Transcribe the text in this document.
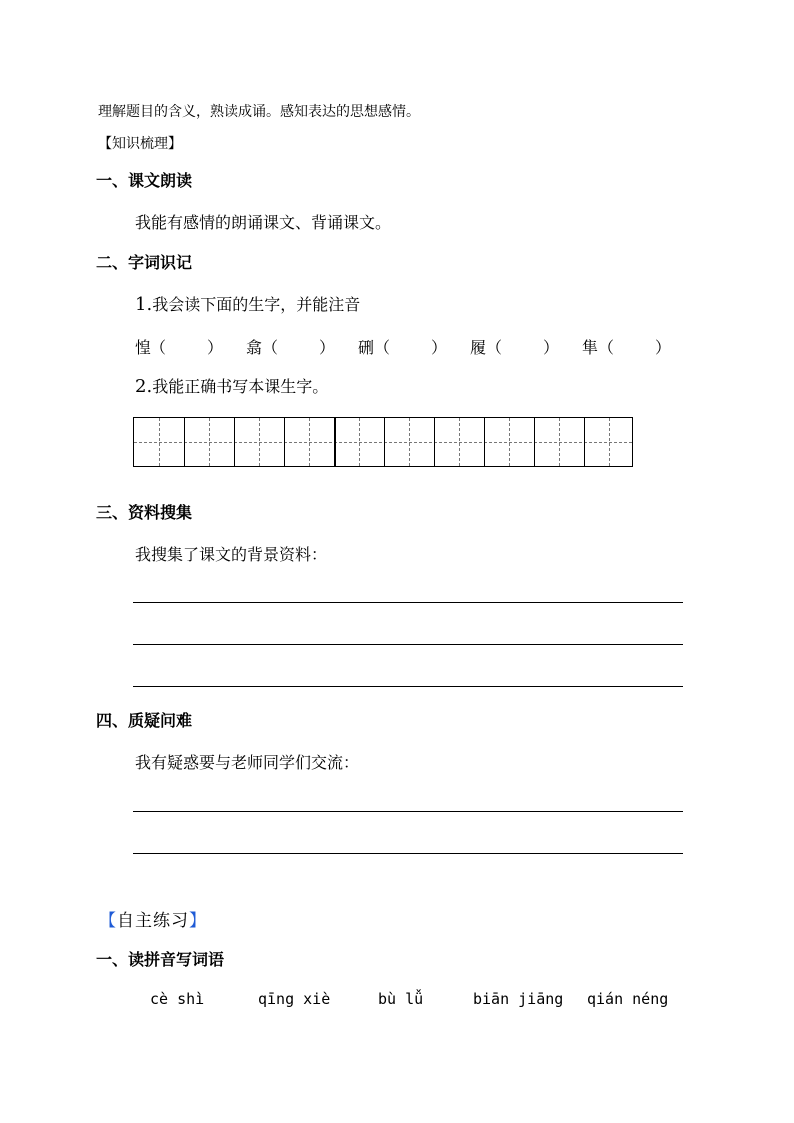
理解题目的含义，熟读成诵。感知表达的思想感情。
【知识梳理】
一、课文朗读
我能有感情的朗诵课文、背诵课文。
二、字词识记
1.我会读下面的生字，并能注音
惶
（	） 翕 （	） 硎 （	） 履 （	） 隼 （	）
2.我能正确书写本课生字。
三、资料搜集
我搜集了课文的背景资料：
四、质疑问难
我有疑惑要与老师同学们交流：
【自主练习】
一、读拼音写词语
cè shì	qīng xiè	bù lǚ	biān jiāng qián néng
